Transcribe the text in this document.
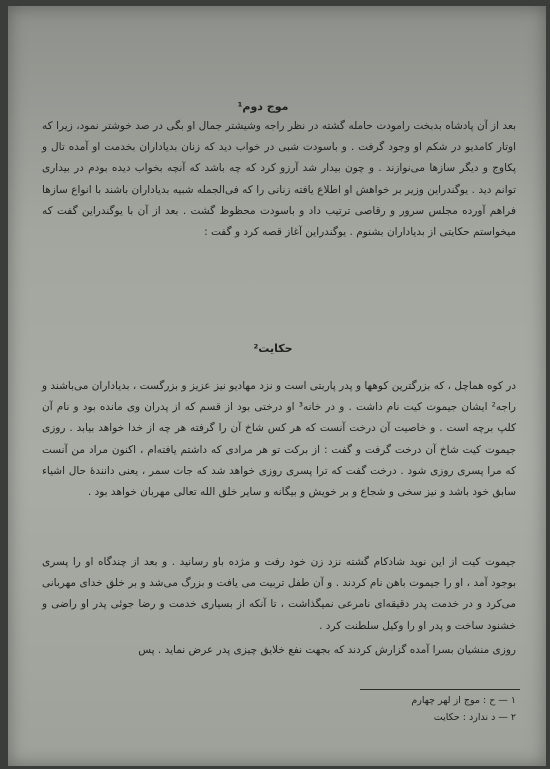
موج دوم¹

بعد از آن پادشاه بدبخت رامودت حامله گشته در نظر راجه وشیشتر جمال او بگی در صد خوشتر نمود، زیرا که اوتار کامدیو در شکم او وجود گرفت . و باسودت شبی در خواب دید که زنان بدیاداران بخدمت او آمده تال و پکاوج و دیگر سازها می‌نوازند . و چون بیدار شد آرزو کرد که چه باشد که آنچه بخواب دیده بودم در بیداری توانم دید . یوگندراین وزیر بر خواهش او اطلاع یافته زنانی را که فی‌الجمله شبیه بدیاداران باشند با انواع سازها فراهم آورده مجلس سرور و رقاصی ترتیب داد و باسودت محظوظ گشت . بعد از آن با یوگندراین گفت که میخواستم حکایتی از بدیاداران بشنوم . یوگندراین آغاز قصه کرد و گفت :

حکایت²

در کوه هماچل ، که بزرگترین کوهها و پدر پاربتی است و نزد مهادیو نیز عزیز و بزرگست ، بدیاداران می‌باشند و راجه² ایشان جیموت کیت نام داشت . و در خانه³ او درختی بود از قسم که از پدران وی مانده بود و نام آن کلپ برچه است . و خاصیت آن درخت آنست که هر کس شاخ آن را گرفته هر چه از خدا خواهد بیابد . روزی جیموت کیت شاخ آن درخت گرفت و گفت : از برکت تو هر مرادی که داشتم یافته‌ام ، اکنون مراد من آنست که مرا پسری روزی شود . درخت گفت که ترا پسری روزی خواهد شد که جات سمر ، یعنی دانندهٔ حال اشیاء سابق خود باشد و نیز سخی و شجاع و بر خویش و بیگانه و سایر خلق الله تعالی مهربان خواهد بود .

جیموت کیت از این نوید شادکام گشته نزد زن خود رفت و مژده باو رسانید . و بعد از چندگاه او را پسری بوجود آمد ، او را جیموت باهن نام کردند . و آن طفل تربیت می یافت و بزرگ می‌شد و بر خلق خدای مهربانی می‌کرد و در خدمت پدر دقیقه‌ای نامرعی نمیگذاشت ، تا آنکه از بسیاری خدمت و رضا جوئی پدر او راضی و خشنود ساخت و پدر او را وکیل سلطنت کرد .

روزی منشیان بسرا آمده گزارش کردند که بجهت نفع خلایق چیزی پدر عرض نماید . پس

۱ — ح : موج از لهر چهارم
۲ — د ندارد : حکایت
